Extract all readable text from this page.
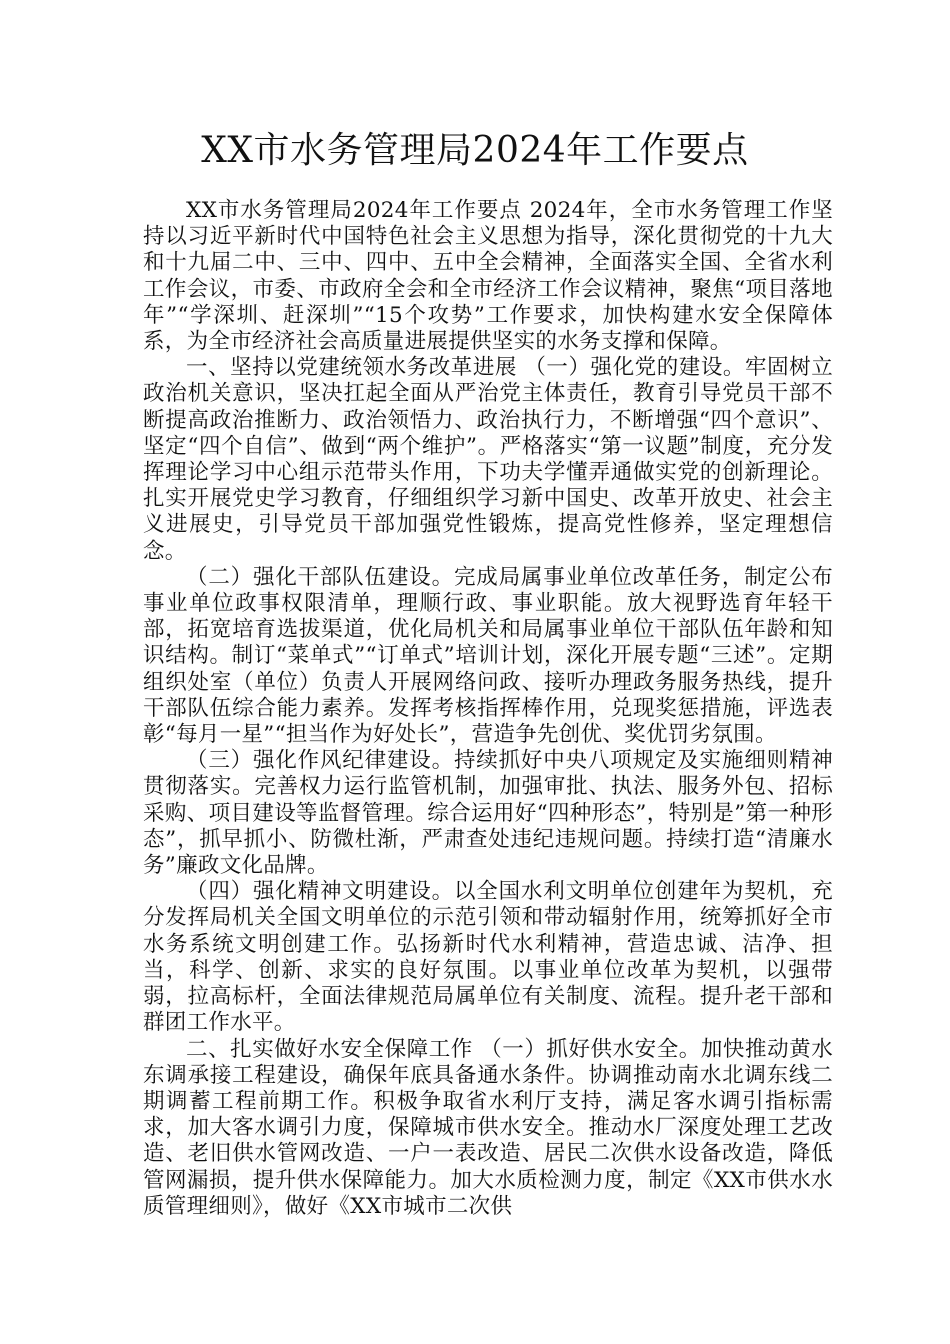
XX市水务管理局2024年工作要点

XX市水务管理局2024年工作要点 2024年，全市水务管理工作坚持以习近平新时代中国特色社会主义思想为指导，深化贯彻党的十九大和十九届二中、三中、四中、五中全会精神，全面落实全国、全省水利工作会议，市委、市政府全会和全市经济工作会议精神，聚焦“项目落地年”“学深圳、赶深圳”“15个攻势”工作要求，加快构建水安全保障体系，为全市经济社会高质量进展提供坚实的水务支撑和保障。

一、坚持以党建统领水务改革进展 （一）强化党的建设。牢固树立政治机关意识，坚决扛起全面从严治党主体责任，教育引导党员干部不断提高政治推断力、政治领悟力、政治执行力，不断增强“四个意识”、坚定“四个自信”、做到“两个维护”。严格落实“第一议题”制度，充分发挥理论学习中心组示范带头作用，下功夫学懂弄通做实党的创新理论。扎实开展党史学习教育，仔细组织学习新中国史、改革开放史、社会主义进展史，引导党员干部加强党性锻炼，提高党性修养，坚定理想信念。

（二）强化干部队伍建设。完成局属事业单位改革任务，制定公布事业单位政事权限清单，理顺行政、事业职能。放大视野选育年轻干部，拓宽培育选拔渠道，优化局机关和局属事业单位干部队伍年龄和知识结构。制订“菜单式”“订单式”培训计划，深化开展专题“三述”。定期组织处室（单位）负责人开展网络问政、接听办理政务服务热线，提升干部队伍综合能力素养。发挥考核指挥棒作用，兑现奖惩措施，评选表彰“每月一星”“担当作为好处长”，营造争先创优、奖优罚劣氛围。

（三）强化作风纪律建设。持续抓好中央八项规定及实施细则精神贯彻落实。完善权力运行监管机制，加强审批、执法、服务外包、招标采购、项目建设等监督管理。综合运用好“四种形态”，特别是”第一种形态”，抓早抓小、防微杜渐，严肃查处违纪违规问题。持续打造“清廉水务”廉政文化品牌。

（四）强化精神文明建设。以全国水利文明单位创建年为契机，充分发挥局机关全国文明单位的示范引领和带动辐射作用，统筹抓好全市水务系统文明创建工作。弘扬新时代水利精神，营造忠诚、洁净、担当，科学、创新、求实的良好氛围。以事业单位改革为契机，以强带弱，拉高标杆，全面法律规范局属单位有关制度、流程。提升老干部和群团工作水平。

二、扎实做好水安全保障工作 （一）抓好供水安全。加快推动黄水东调承接工程建设，确保年底具备通水条件。协调推动南水北调东线二期调蓄工程前期工作。积极争取省水利厅支持，满足客水调引指标需求，加大客水调引力度，保障城市供水安全。推动水厂深度处理工艺改造、老旧供水管网改造、一户一表改造、居民二次供水设备改造，降低管网漏损，提升供水保障能力。加大水质检测力度，制定《XX市供水水质管理细则》，做好《XX市城市二次供
